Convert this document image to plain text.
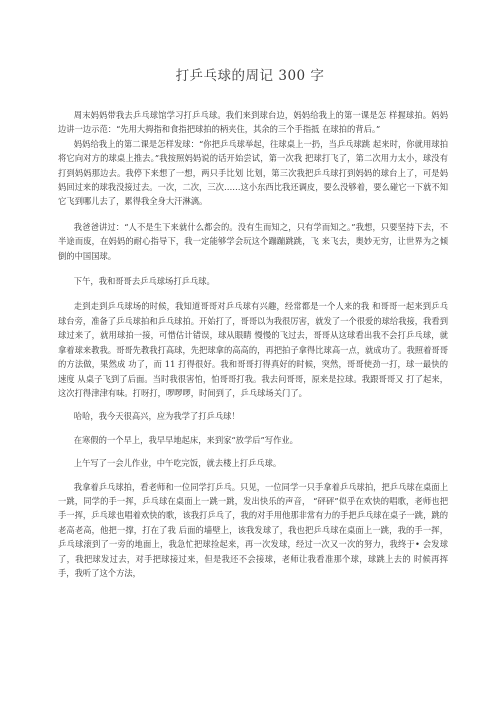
打乒乓球的周记 300 字

周末妈妈带我去乒乓球馆学习打乒乓球。我们来到球台边，妈妈给我上的第一课是怎 样握球拍。妈妈边讲一边示范：“先用大拇指和食指把球拍的柄夹住，其余的三个手指抵 在球拍的背后。”

妈妈给我上的第二课是怎样发球：“你把乒乓球举起，往球桌上一扔，当乒乓球跳 起来时，你就用球拍将它向对方的球桌上推去。”我按照妈妈说的话开始尝试，第一次我 把球打飞了，第二次用力太小，球没有打到妈妈那边去。我停下来想了一想，两只手比划 比划，第三次我把乒乓球打到妈妈的球台上了，可是妈妈回过来的球我没接过去。一次，二次，三次……这小东西比我还调皮，要么没够着，要么碰它一下就不知它飞到哪儿去了，累得我全身大汗淋漓。

我爸爸讲过：“人不是生下来就什么都会的。没有生而知之，只有学而知之。”我想，只要坚持下去，不半途而废，在妈妈的耐心指导下，我一定能够学会玩这个蹦蹦跳跳，飞 来飞去，奥妙无穷，让世界为之倾倒的中国国球。

下午，我和哥哥去乒乓球场打乒乓球。

走到走到乒乓球场的时候，我知道哥哥对乒乓球有兴趣，经常都是一个人来的我 和哥哥一起来到乒乓球台旁，准备了乒乓球拍和乒乓球拍。开始打了，哥哥以为我很厉害，就发了一个很爱的球给我接，我看到球过来了，就用球拍一接，可惜估计错误，球从眼睛 慢慢的飞过去，哥哥从这球看出我不会打乒乓球，就拿着球来教我。哥哥先教我打高球，先把球拿的高高的，再把拍子拿得比球高一点，就成功了。我照着哥哥的方法做，果然成 功了，而 11 打得很好。我和哥哥打得真好的时候，突然，哥哥使劲一打，球一最快的速度 从桌子飞到了后面。当时我很害怕，怕哥哥打我。我去问哥哥，原来是拉球。我跟哥哥又 打了起来，这次打得津津有味。打呀打，啰啰啰，时间到了，乒乓球场关门了。

哈哈，我今天很高兴，应为我学了打乒乓球！

在寒假的一个早上，我早早地起床，来到家“放学后”写作业。

上午写了一会儿作业，中午吃完饭，就去楼上打乒乓球。

我拿着乒乓球拍，看老师和一位同学打乒乓。只见，一位同学一只手拿着乒乓球拍，把乒乓球在桌面上一跳，同学的手一挥，乒乓球在桌面上一跳一跳，发出快乐的声音， “砰砰”似乎在欢快的唱歌，老师也把手一挥，乒乓球也唱着欢快的歌，该我打乒乓了，我的对手用他那非常有力的手把乒乓球在桌子一跳，跳的老高老高，他把一撑，打在了我 后面的墙壁上，该我发球了，我也把乒乓球在桌面上一跳，我的手一挥，乒乓球滚到了一旁的地面上，我急忙把球捡起来，再一次发球，经过一次又一次的努力，我终于• 会发球了，我把球发过去，对手把球接过来，但是我还不会接球，老师让我看准那个球，球跳上去的 时候再挥手，我听了这个方法，
